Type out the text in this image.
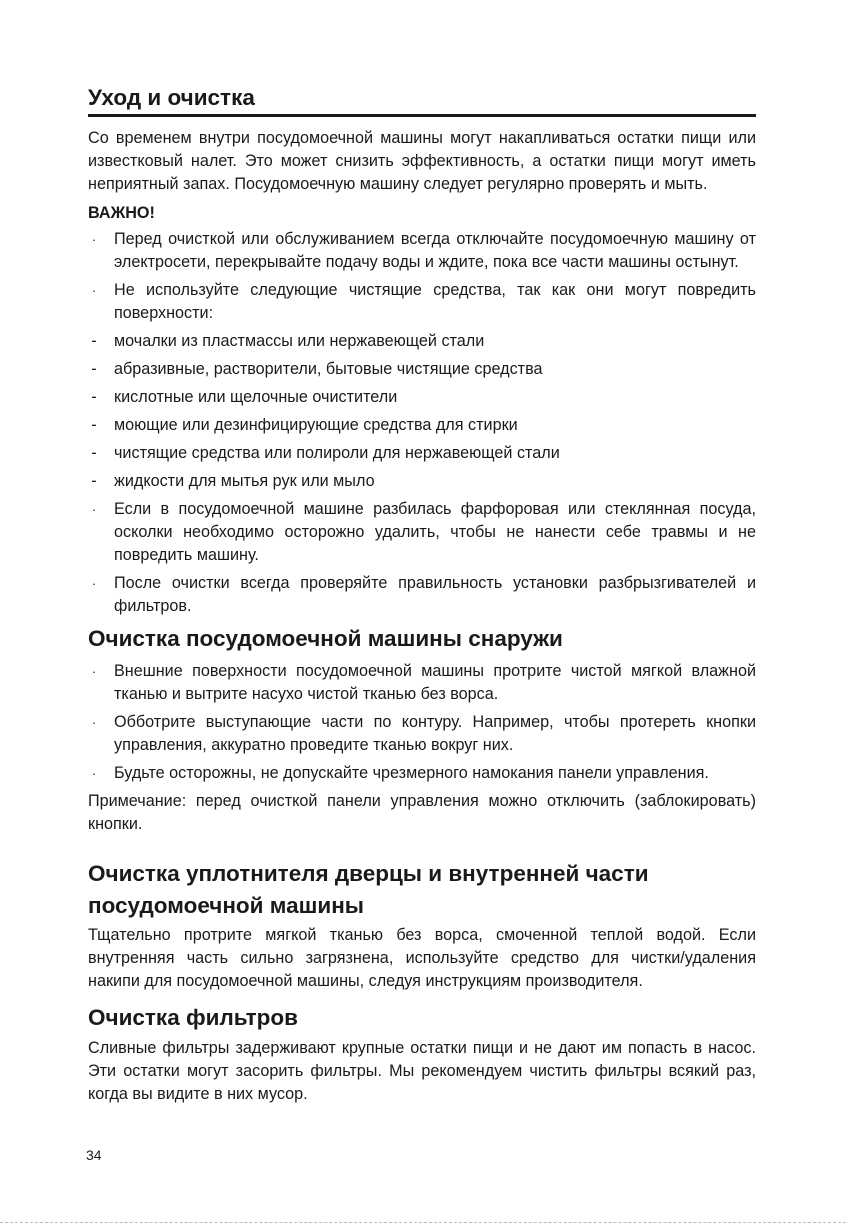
Уход и очистка

Со временем внутри посудомоечной машины могут накапливаться остатки пищи или известковый налет. Это может снизить эффективность, а остатки пищи могут иметь неприятный запах. Посудомоечную машину следует регулярно проверять и мыть.

ВАЖНО!

· Перед очисткой или обслуживанием всегда отключайте посудомоечную машину от электросети, перекрывайте подачу воды и ждите, пока все части машины остынут.

· Не используйте следующие чистящие средства, так как они могут повредить поверхности:

- мочалки из пластмассы или нержавеющей стали

- абразивные, растворители, бытовые чистящие средства

- кислотные или щелочные очистители

- моющие или дезинфицирующие средства для стирки

- чистящие средства или полироли для нержавеющей стали

- жидкости для мытья рук или мыло

· Если в посудомоечной машине разбилась фарфоровая или стеклянная посуда, осколки необходимо осторожно удалить, чтобы не нанести себе травмы и не повредить машину.

· После очистки всегда проверяйте правильность установки разбрызгивателей и фильтров.

Очистка посудомоечной машины снаружи

· Внешние поверхности посудомоечной машины протрите чистой мягкой влажной тканью и вытрите насухо чистой тканью без ворса.

· Обботрите выступающие части по контуру. Например, чтобы протереть кнопки управления, аккуратно проведите тканью вокруг них.

· Будьте осторожны, не допускайте чрезмерного намокания панели управления.

Примечание: перед очисткой панели управления можно отключить (заблокировать) кнопки.

Очистка уплотнителя дверцы и внутренней части
посудомоечной машины

Тщательно протрите мягкой тканью без ворса, смоченной теплой водой. Если внутренняя часть сильно загрязнена, используйте средство для чистки/удаления накипи для посудомоечной машины, следуя инструкциям производителя.

Очистка фильтров

Сливные фильтры задерживают крупные остатки пищи и не дают им попасть в насос. Эти остатки могут засорить фильтры. Мы рекомендуем чистить фильтры всякий раз, когда вы видите в них мусор.

34
